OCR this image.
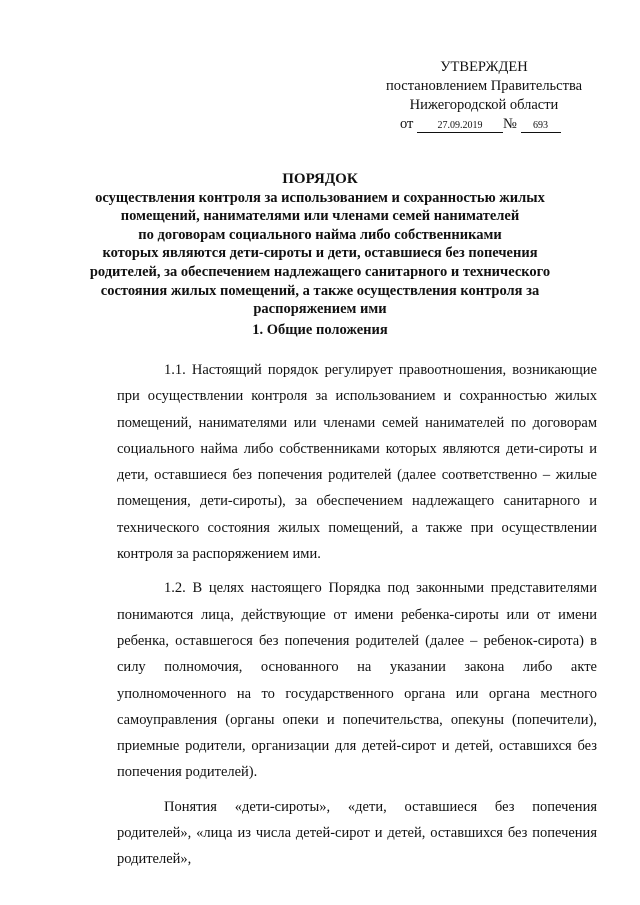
УТВЕРЖДЕН
постановлением Правительства
Нижегородской области
от 27.09.2019 № 693
ПОРЯДОК
осуществления контроля за использованием и сохранностью жилых
помещений, нанимателями или членами семей нанимателей
по договорам социального найма либо собственниками
которых являются дети-сироты и дети, оставшиеся без попечения
родителей, за обеспечением надлежащего санитарного и технического
состояния жилых помещений, а также осуществления контроля за
распоряжением ими
1. Общие положения

1.1. Настоящий порядок регулирует правоотношения, возникающие при осуществлении контроля за использованием и сохранностью жилых помещений, нанимателями или членами семей нанимателей по договорам социального найма либо собственниками которых являются дети-сироты и дети, оставшиеся без попечения родителей (далее соответственно – жилые помещения, дети-сироты), за обеспечением надлежащего санитарного и технического состояния жилых помещений, а также при осуществлении контроля за распоряжением ими.

1.2. В целях настоящего Порядка под законными представителями понимаются лица, действующие от имени ребенка-сироты или от имени ребенка, оставшегося без попечения родителей (далее – ребенок-сирота) в силу полномочия, основанного на указании закона либо акте уполномоченного на то государственного органа или органа местного самоуправления (органы опеки и попечительства, опекуны (попечители), приемные родители, организации для детей-сирот и детей, оставшихся без попечения родителей).

Понятия «дети-сироты», «дети, оставшиеся без попечения родителей», «лица из числа детей-сирот и детей, оставшихся без попечения родителей»,
